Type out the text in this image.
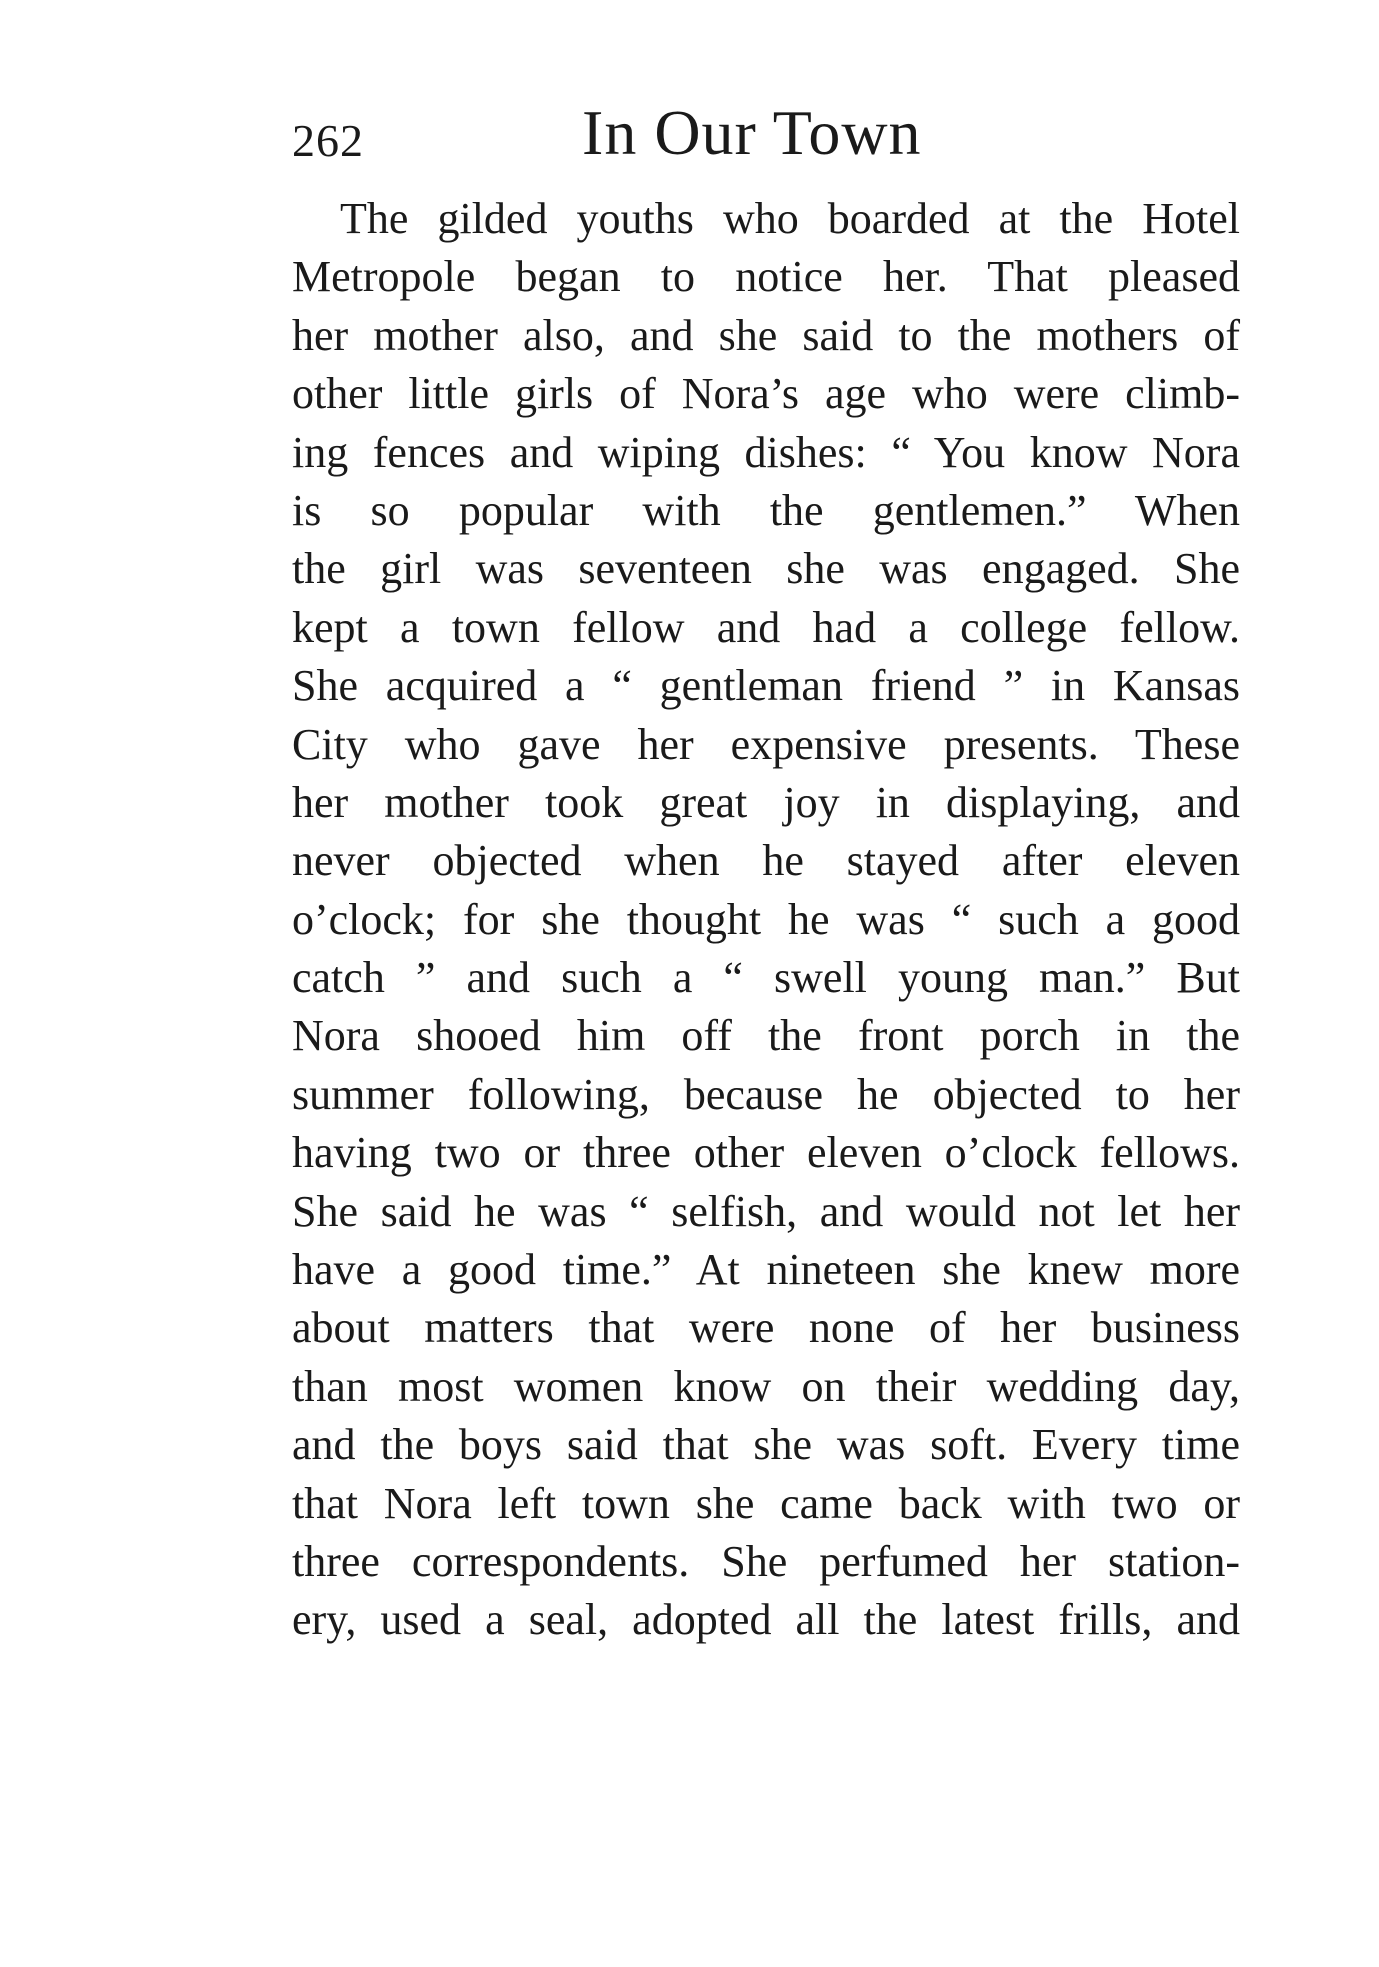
262	In Our Town
The gilded youths who boarded at the Hotel
Metropole began to notice her. That pleased
her mother also, and she said to the mothers of
other little girls of Nora’s age who were climb-
ing fences and wiping dishes: “ You know Nora
is so popular with the gentlemen.” When
the girl was seventeen she was engaged. She
kept a town fellow and had a college fellow.
She acquired a “ gentleman friend ” in Kansas
City who gave her expensive presents. These
her mother took great joy in displaying, and
never objected when he stayed after eleven
o’clock; for she thought he was “ such a good
catch ” and such a “ swell young man.” But
Nora shooed him off the front porch in the
summer following, because he objected to her
having two or three other eleven o’clock fellows.
She said he was “ selfish, and would not let her
have a good time.” At nineteen she knew more
about matters that were none of her business
than most women know on their wedding day,
and the boys said that she was soft. Every time
that Nora left town she came back with two or
three correspondents. She perfumed her station-
ery, used a seal, adopted all the latest frills, and
